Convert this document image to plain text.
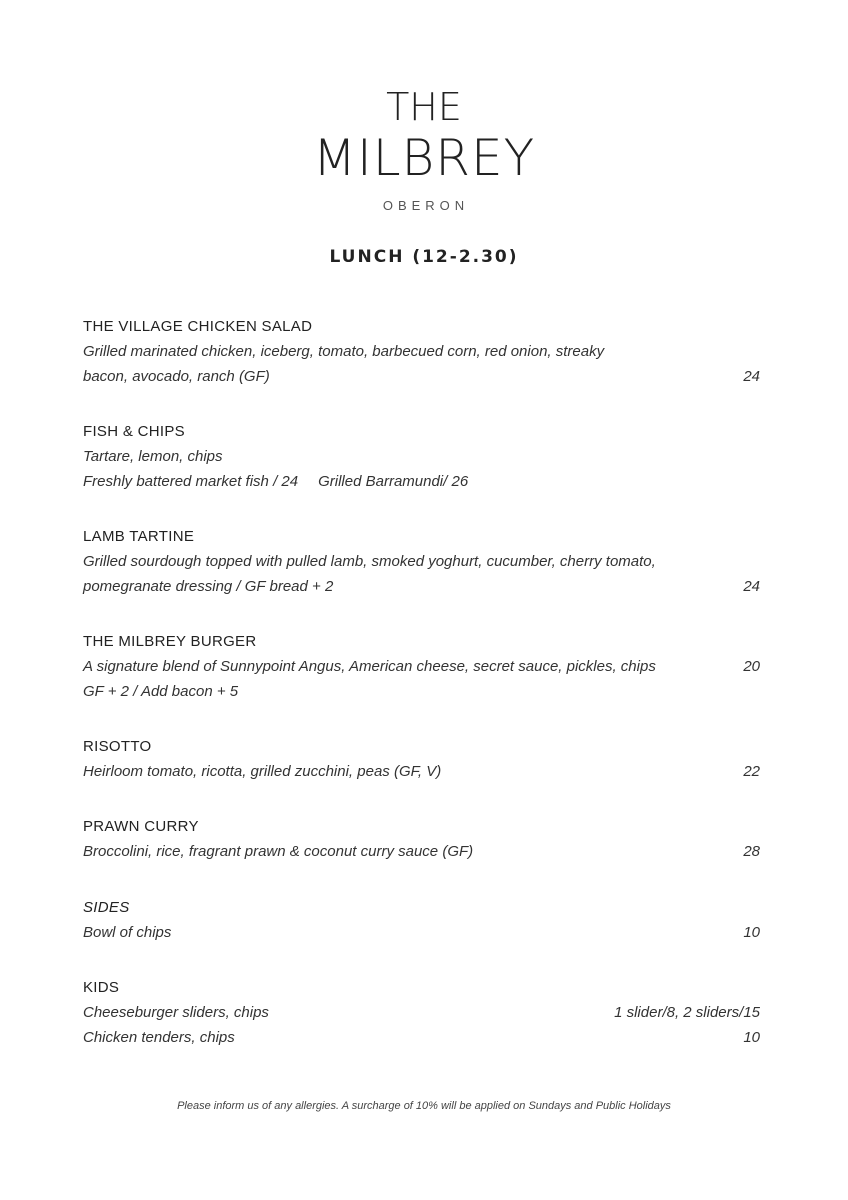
THE
MILBREY
OBERON
LUNCH (12-2.30)
THE VILLAGE CHICKEN SALAD
Grilled marinated chicken, iceberg, tomato, barbecued corn, red onion, streaky
bacon, avocado, ranch (GF)	24
FISH & CHIPS
Tartare, lemon, chips
Freshly battered market fish / 24 Grilled Barramundi/ 26
LAMB TARTINE
Grilled sourdough topped with pulled lamb, smoked yoghurt, cucumber, cherry tomato,
pomegranate dressing / GF bread + 2	24
THE MILBREY BURGER
A signature blend of Sunnypoint Angus, American cheese, secret sauce, pickles, chips	20
GF + 2 / Add bacon + 5
RISOTTO
Heirloom tomato, ricotta, grilled zucchini, peas (GF, V)	22
PRAWN CURRY
Broccolini, rice, fragrant prawn & coconut curry sauce (GF)	28
SIDES
Bowl of chips	10
KIDS
Cheeseburger sliders, chips	1 slider/8, 2 sliders/15
Chicken tenders, chips	10
Please inform us of any allergies. A surcharge of 10% will be applied on Sundays and Public Holidays
